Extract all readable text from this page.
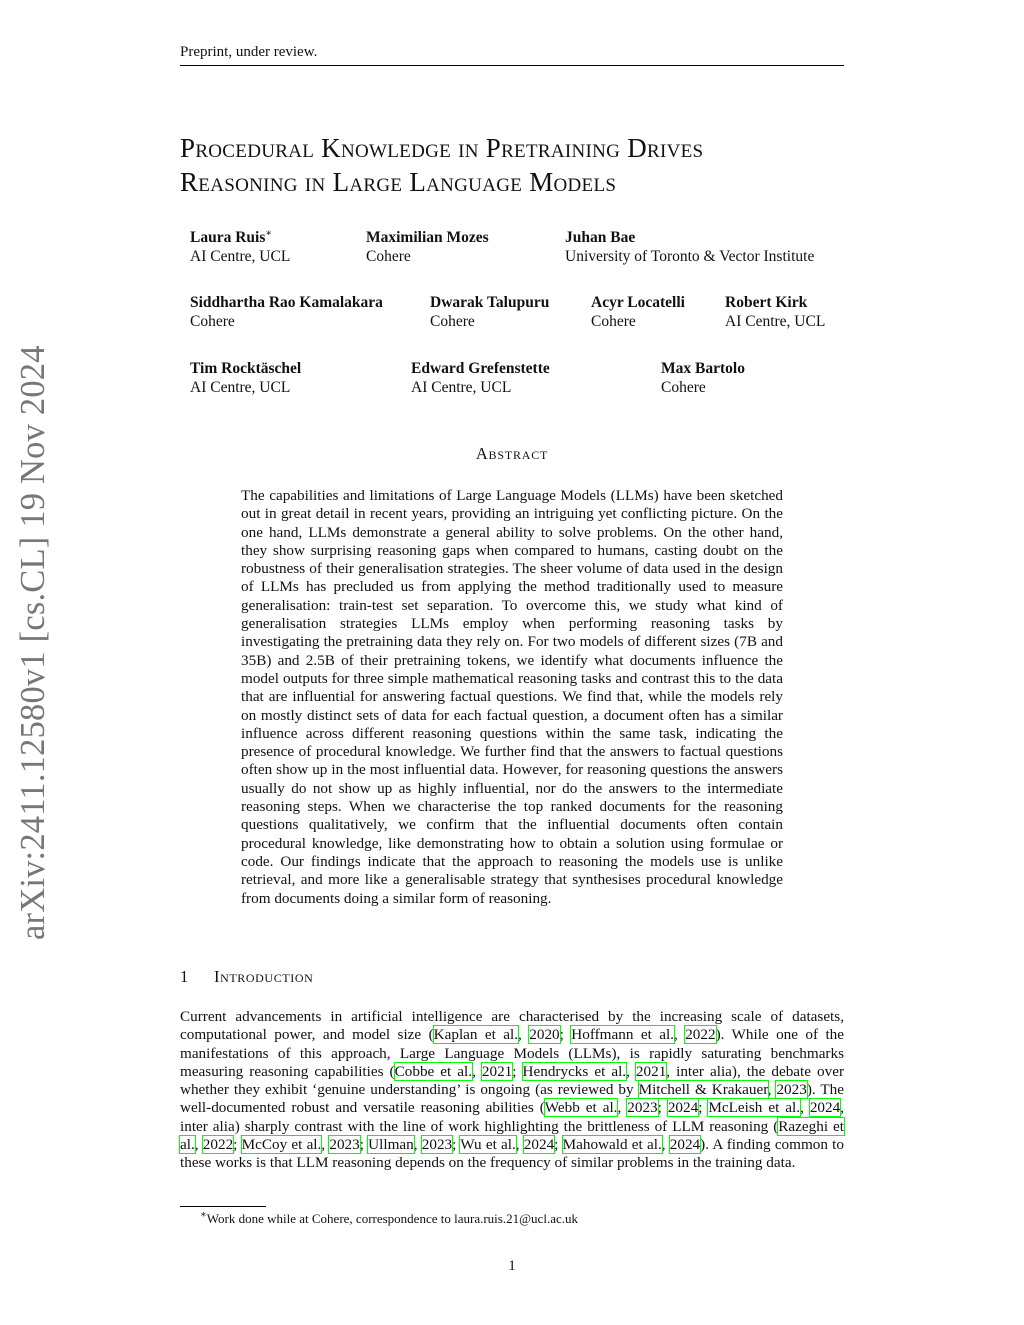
Preprint, under review.
arXiv:2411.12580v1 [cs.CL] 19 Nov 2024
Procedural Knowledge in Pretraining Drives
Reasoning in Large Language Models
Laura Ruis∗
AI Centre, UCL
Maximilian Mozes
Cohere
Juhan Bae
University of Toronto & Vector Institute
Siddhartha Rao Kamalakara
Cohere
Dwarak Talupuru
Cohere
Acyr Locatelli
Cohere
Robert Kirk
AI Centre, UCL
Tim Rocktäschel
AI Centre, UCL
Edward Grefenstette
AI Centre, UCL
Max Bartolo
Cohere
Abstract
The capabilities and limitations of Large Language Models (LLMs) have been sketched out in great detail in recent years, providing an intriguing yet conflicting picture. On the one hand, LLMs demonstrate a general ability to solve problems. On the other hand, they show surprising reasoning gaps when compared to humans, casting doubt on the robustness of their generalisation strategies. The sheer volume of data used in the design of LLMs has precluded us from applying the method traditionally used to measure generalisation: train-test set separation. To overcome this, we study what kind of generalisation strategies LLMs employ when performing reasoning tasks by investigating the pretraining data they rely on. For two models of different sizes (7B and 35B) and 2.5B of their pretraining tokens, we identify what documents influence the model outputs for three simple mathematical reasoning tasks and contrast this to the data that are influential for answering factual questions. We find that, while the models rely on mostly distinct sets of data for each factual question, a document often has a similar influence across different reasoning questions within the same task, indicating the presence of procedural knowledge. We further find that the answers to factual questions often show up in the most influential data. However, for reasoning questions the answers usually do not show up as highly influential, nor do the answers to the intermediate reasoning steps. When we characterise the top ranked documents for the reasoning questions qualitatively, we confirm that the influential documents often contain procedural knowledge, like demonstrating how to obtain a solution using formulae or code. Our findings indicate that the approach to reasoning the models use is unlike retrieval, and more like a generalisable strategy that synthesises procedural knowledge from documents doing a similar form of reasoning.
1 Introduction
Current advancements in artificial intelligence are characterised by the increasing scale of datasets, computational power, and model size (Kaplan et al., 2020; Hoffmann et al., 2022). While one of the manifestations of this approach, Large Language Models (LLMs), is rapidly saturating benchmarks measuring reasoning capabilities (Cobbe et al., 2021; Hendrycks et al., 2021, inter alia), the debate over whether they exhibit ‘genuine understanding’ is ongoing (as reviewed by Mitchell & Krakauer, 2023). The well-documented robust and versatile reasoning abilities (Webb et al., 2023; 2024; McLeish et al., 2024, inter alia) sharply contrast with the line of work highlighting the brittleness of LLM reasoning (Razeghi et al., 2022; McCoy et al., 2023; Ullman, 2023; Wu et al., 2024; Mahowald et al., 2024). A finding common to these works is that LLM reasoning depends on the frequency of similar problems in the training data.
∗Work done while at Cohere, correspondence to laura.ruis.21@ucl.ac.uk
1
